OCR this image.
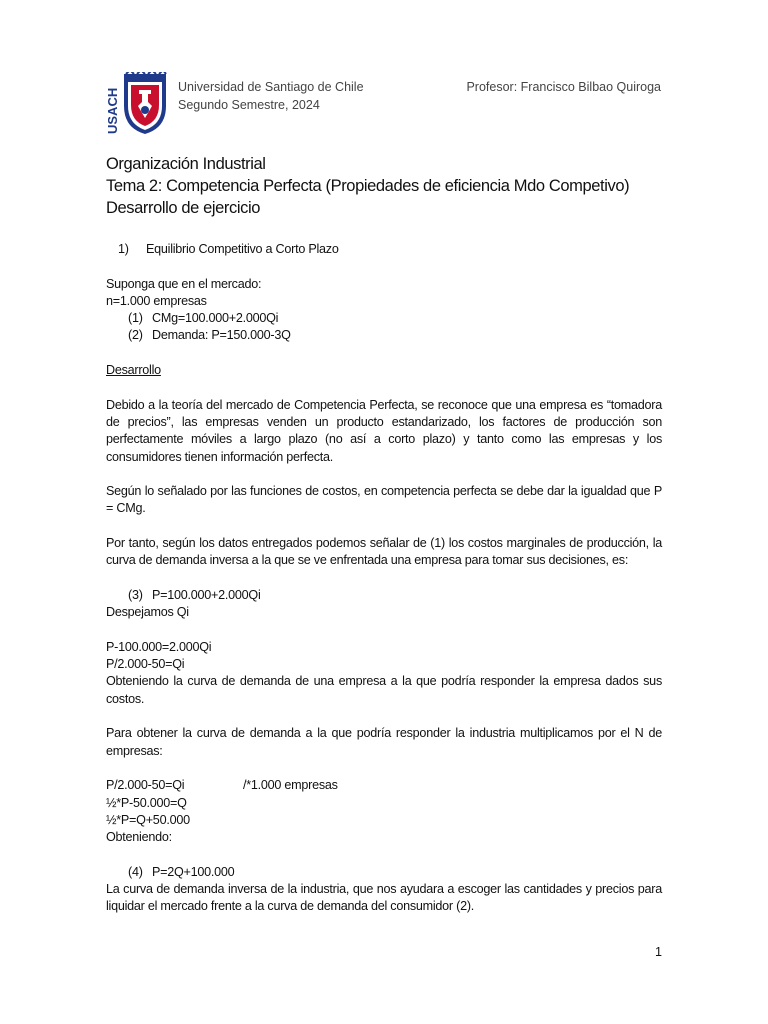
USACH
Universidad de Santiago de Chile
Segundo Semestre, 2024
Profesor: Francisco Bilbao Quiroga
Organización Industrial
Tema 2: Competencia Perfecta (Propiedades de eficiencia Mdo Competivo)
Desarrollo de ejercicio

1) Equilibrio Competitivo a Corto Plazo

Suponga que en el mercado:

n=1.000 empresas

(1) CMg=100.000+2.000Qi

(2) Demanda: P=150.000-3Q

Desarrollo

Debido a la teoría del mercado de Competencia Perfecta, se reconoce que una empresa es “tomadora de precios”, las empresas venden un producto estandarizado, los factores de producción son perfectamente móviles a largo plazo (no así a corto plazo) y tanto como las empresas y los consumidores tienen información perfecta.

Según lo señalado por las funciones de costos, en competencia perfecta se debe dar la igualdad que P = CMg.

Por tanto, según los datos entregados podemos señalar de (1) los costos marginales de producción, la curva de demanda inversa a la que se ve enfrentada una empresa para tomar sus decisiones, es:

(3) P=100.000+2.000Qi

Despejamos Qi

P-100.000=2.000Qi

P/2.000-50=Qi

Obteniendo la curva de demanda de una empresa a la que podría responder la empresa dados sus costos.

Para obtener la curva de demanda a la que podría responder la industria multiplicamos por el N de empresas:

P/2.000-50=Qi	/*1.000 empresas

½*P-50.000=Q

½*P=Q+50.000

Obteniendo:

(4) P=2Q+100.000

La curva de demanda inversa de la industria, que nos ayudara a escoger las cantidades y precios para liquidar el mercado frente a la curva de demanda del consumidor (2).

1
